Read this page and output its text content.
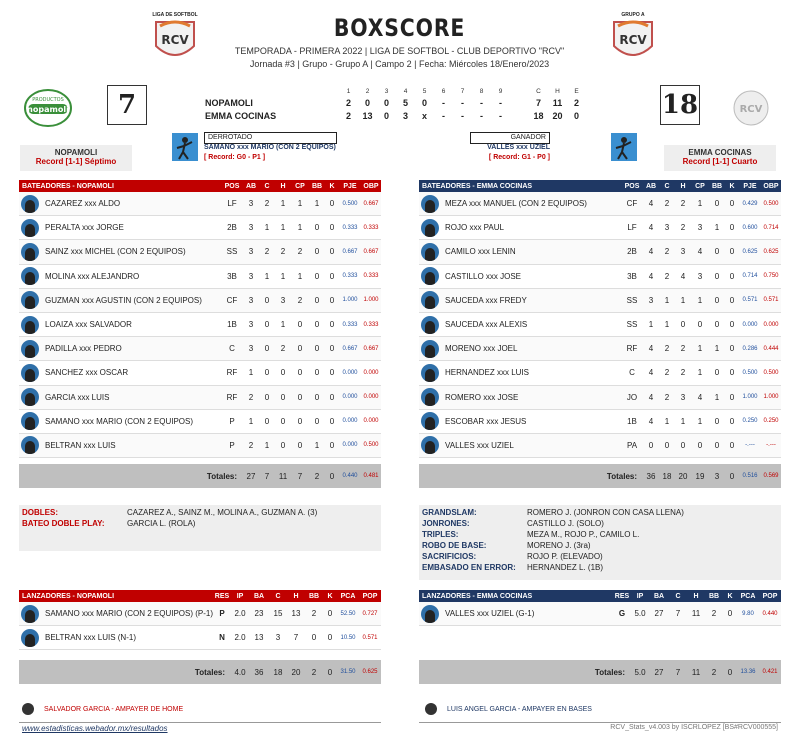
BOXSCORE
TEMPORADA - PRIMERA 2022 | LIGA DE SOFTBOL - CLUB DEPORTIVO "RCV"
Jornada #3 | Grupo - Grupo A | Campo 2 | Fecha: Miércoles 18/Enero/2023
LIGA DE SOFTBOL
RCV
GRUPO A
RCV
PRODUCTOS
nopamoli	RCV
7	18
NOPAMOLI
Record [1-1] Séptimo
EMMA COCINAS
Record [1-1] Cuarto
	1	2	3	4	5	6	7	8	9		C	H	E
NOPAMOLI	2	0	0	5	0	-	-	-	-		7	11	2
EMMA COCINAS	2	13	0	3	x	-	-	-	-		18	20	0
DERROTADO
SAMANO xxx MARIO (CON 2 EQUIPOS)
[ Record: G0 - P1 ]
GANADOR
VALLES xxx UZIEL
[ Record: G1 - P0 ]
BATEADORES - NOPAMOLI	POS AB	C	H	CP	BB	K	PJE OBP
CAZAREZ xxx ALDO	LF	3	2	1	1	1	0	0.500 0.667
PERALTA xxx JORGE	2B	3	1	1	1	0	0	0.333 0.333
SAINZ xxx MICHEL (CON 2 EQUIPOS)	SS	3	2	2	2	0	0	0.667 0.667
MOLINA xxx ALEJANDRO	3B	3	1	1	1	0	0	0.333 0.333
GUZMAN xxx AGUSTIN (CON 2 EQUIPOS)	CF	3	0	3	2	0	0	1.000 1.000
LOAIZA xxx SALVADOR	1B	3	0	1	0	0	0	0.333 0.333
PADILLA xxx PEDRO	C	3	0	2	0	0	0	0.667 0.667
SANCHEZ xxx OSCAR	RF	1	0	0	0	0	0	0.000 0.000
GARCIA xxx LUIS	RF	2	0	0	0	0	0	0.000 0.000
SAMANO xxx MARIO (CON 2 EQUIPOS)	P	1	0	0	0	0	0	0.000 0.000
BELTRAN xxx LUIS	P	2	1	0	0	1	0	0.000 0.500
Totales:	27	7	11	7	2	0	0.440 0.481
BATEADORES - EMMA COCINAS	POS AB	C	H	CP	BB	K	PJE OBP
MEZA xxx MANUEL (CON 2 EQUIPOS)	CF	4	2	2	1	0	0	0.429 0.500
ROJO xxx PAUL	LF	4	3	2	3	1	0	0.600 0.714
CAMILO xxx LENIN	2B	4	2	3	4	0	0	0.625 0.625
CASTILLO xxx JOSE	3B	4	2	4	3	0	0	0.714 0.750
SAUCEDA xxx FREDY	SS	3	1	1	1	0	0	0.571 0.571
SAUCEDA xxx ALEXIS	SS	1	1	0	0	0	0	0.000 0.000
MORENO xxx JOEL	RF	4	2	2	1	1	0	0.286 0.444
HERNANDEZ xxx LUIS	C	4	2	2	1	0	0	0.500 0.500
ROMERO xxx JOSE	JO	4	2	3	4	1	0	1.000 1.000
ESCOBAR xxx JESUS	1B	4	1	1	1	0	0	0.250 0.250
VALLES xxx UZIEL	PA	0	0	0	0	0	0	-.---	-.---
Totales:	36 18 20	19	3	0	0.516 0.569
DOBLES:	CAZAREZ A., SAINZ M., MOLINA A., GUZMAN A. (3)
BATEO DOBLE PLAY:	GARCIA L. (ROLA)
GRANDSLAM:	ROMERO J. (JONRON CON CASA LLENA)
JONRONES:	CASTILLO J. (SOLO)
TRIPLES:	MEZA M., ROJO P., CAMILO L.
ROBO DE BASE:	MORENO J. (3ra)
SACRIFICIOS:	ROJO P. (ELEVADO)
EMBASADO EN ERROR: HERNANDEZ L. (1B)
LANZADORES - NOPAMOLI	RES	IP	BA	C	H	BB	K	PCA	POP
SAMANO xxx MARIO (CON 2 EQUIPOS) (P-1) P	2.0	23	15	13	2	0	52.50	0.727
BELTRAN xxx LUIS (N-1)	N	2.0	13	3	7	0	0	10.50	0.571
Totales:	4.0	36	18	20	2	0	31.50	0.625
LANZADORES - EMMA COCINAS	RES	IP	BA	C	H	BB	K	PCA	POP
VALLES xxx UZIEL (G-1)	G	5.0	27	7	11	2	0	9.80	0.440
Totales:	5.0	27	7	11	2	0	13.36	0.421
SALVADOR GARCIA - AMPAYER DE HOME	LUIS ANGEL GARCIA - AMPAYER EN BASES
www.estadisticas.webador.mx/resultados	RCV_Stats_v4.003 by ISCRLOPEZ [BS#RCV000555]
